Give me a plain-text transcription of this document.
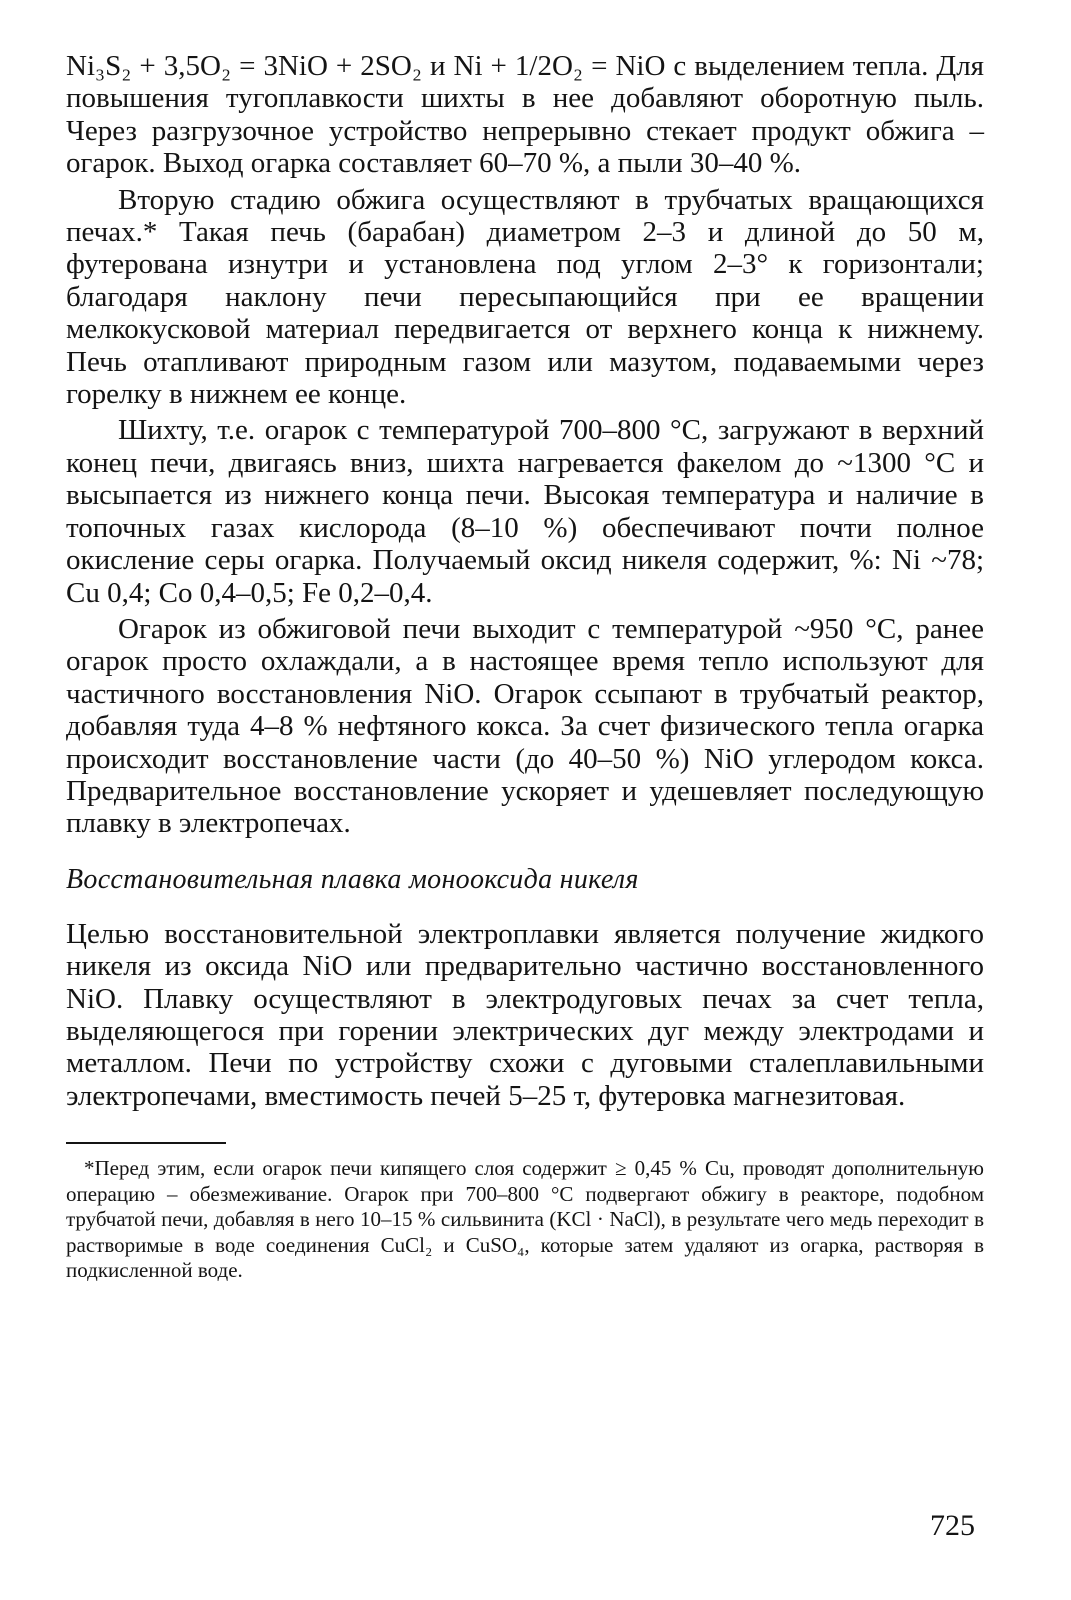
Ni₃S₂ + 3,5O₂ = 3NiO + 2SO₂ и Ni + 1/2O₂ = NiO с выделением тепла. Для повышения тугоплавкости шихты в нее добавляют оборотную пыль. Через разгрузочное устройство непрерывно стекает продукт обжига – огарок. Выход огарка составляет 60–70 %, а пыли 30–40 %.

Вторую стадию обжига осуществляют в трубчатых вращающихся печах.* Такая печь (барабан) диаметром 2–3 и длиной до 50 м, футерована изнутри и установлена под углом 2–3° к горизонтали; благодаря наклону печи пересыпающийся при ее вращении мелкокусковой материал передвигается от верхнего конца к нижнему. Печь отапливают природным газом или мазутом, подаваемыми через горелку в нижнем ее конце.

Шихту, т.е. огарок с температурой 700–800 °С, загружают в верхний конец печи, двигаясь вниз, шихта нагревается факелом до ~1300 °С и высыпается из нижнего конца печи. Высокая температура и наличие в топочных газах кислорода (8–10 %) обеспечивают почти полное окисление серы огарка. Получаемый оксид никеля содержит, %: Ni ~78; Cu 0,4; Co 0,4–0,5; Fe 0,2–0,4.

Огарок из обжиговой печи выходит с температурой ~950 °С, ранее огарок просто охлаждали, а в настоящее время тепло используют для частичного восстановления NiO. Огарок ссыпают в трубчатый реактор, добавляя туда 4–8 % нефтяного кокса. За счет физического тепла огарка происходит восстановление части (до 40–50 %) NiO углеродом кокса. Предварительное восстановление ускоряет и удешевляет последующую плавку в электропечах.

Восстановительная плавка монооксида никеля

Целью восстановительной электроплавки является получение жидкого никеля из оксида NiO или предварительно частично восстановленного NiO. Плавку осуществляют в электродуговых печах за счет тепла, выделяющегося при горении электрических дуг между электродами и металлом. Печи по устройству схожи с дуговыми сталеплавильными электропечами, вместимость печей 5–25 т, футеровка магнезитовая.

*Перед этим, если огарок печи кипящего слоя содержит ≥ 0,45 % Cu, проводят дополнительную операцию – обезмеживание. Огарок при 700–800 °С подвергают обжигу в реакторе, подобном трубчатой печи, добавляя в него 10–15 % сильвинита (KCl · NaCl), в результате чего медь переходит в растворимые в воде соединения CuCl₂ и CuSO₄, которые затем удаляют из огарка, растворяя в подкисленной воде.

725
